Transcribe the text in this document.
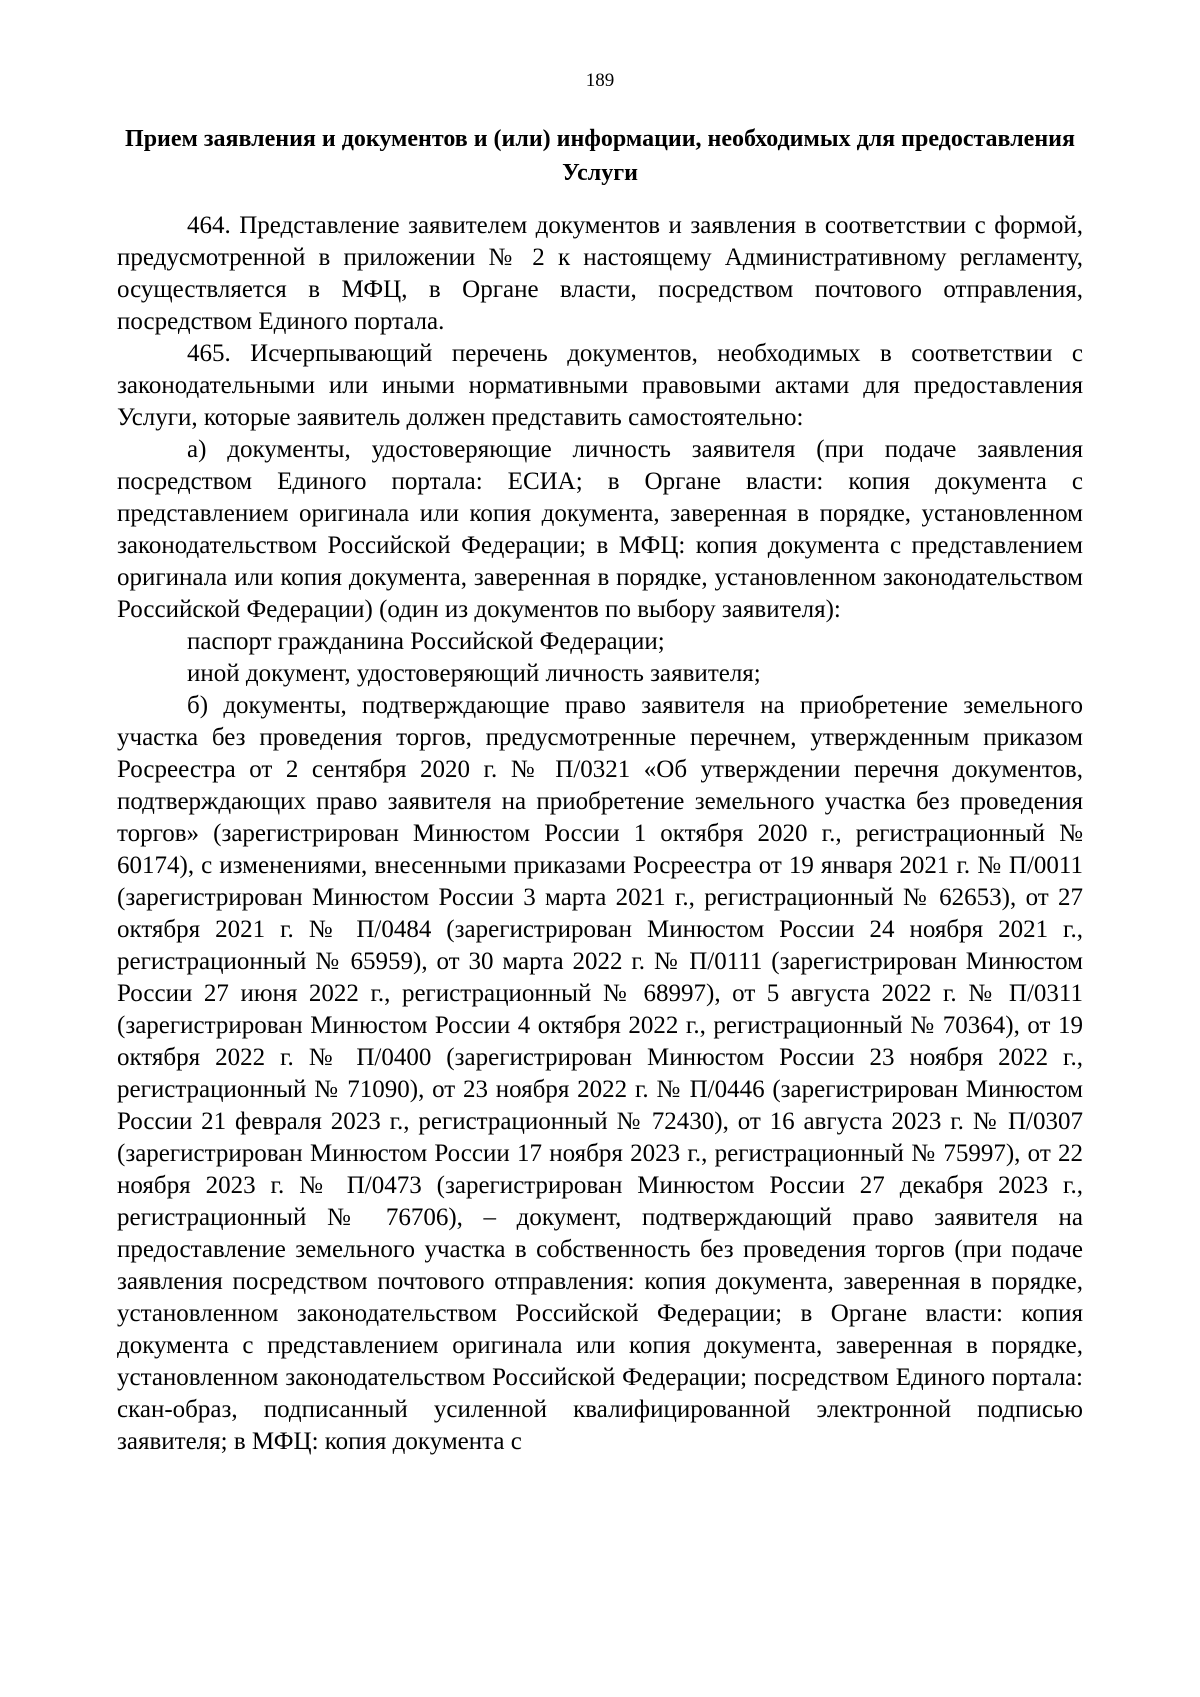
189
Прием заявления и документов и (или) информации, необходимых для предоставления Услуги

464. Представление заявителем документов и заявления в соответствии с формой, предусмотренной в приложении № 2 к настоящему Административному регламенту, осуществляется в МФЦ, в Органе власти, посредством почтового отправления, посредством Единого портала.

465. Исчерпывающий перечень документов, необходимых в соответствии с законодательными или иными нормативными правовыми актами для предоставления Услуги, которые заявитель должен представить самостоятельно:

а) документы, удостоверяющие личность заявителя (при подаче заявления посредством Единого портала: ЕСИА; в Органе власти: копия документа с представлением оригинала или копия документа, заверенная в порядке, установленном законодательством Российской Федерации; в МФЦ: копия документа с представлением оригинала или копия документа, заверенная в порядке, установленном законодательством Российской Федерации) (один из документов по выбору заявителя):

паспорт гражданина Российской Федерации;

иной документ, удостоверяющий личность заявителя;

б) документы, подтверждающие право заявителя на приобретение земельного участка без проведения торгов, предусмотренные перечнем, утвержденным приказом Росреестра от 2 сентября 2020 г. № П/0321 «Об утверждении перечня документов, подтверждающих право заявителя на приобретение земельного участка без проведения торгов» (зарегистрирован Минюстом России 1 октября 2020 г., регистрационный № 60174), с изменениями, внесенными приказами Росреестра от 19 января 2021 г. № П/0011 (зарегистрирован Минюстом России 3 марта 2021 г., регистрационный № 62653), от 27 октября 2021 г. № П/0484 (зарегистрирован Минюстом России 24 ноября 2021 г., регистрационный № 65959), от 30 марта 2022 г. № П/0111 (зарегистрирован Минюстом России 27 июня 2022 г., регистрационный № 68997), от 5 августа 2022 г. № П/0311 (зарегистрирован Минюстом России 4 октября 2022 г., регистрационный № 70364), от 19 октября 2022 г. № П/0400 (зарегистрирован Минюстом России 23 ноября 2022 г., регистрационный № 71090), от 23 ноября 2022 г. № П/0446 (зарегистрирован Минюстом России 21 февраля 2023 г., регистрационный № 72430), от 16 августа 2023 г. № П/0307 (зарегистрирован Минюстом России 17 ноября 2023 г., регистрационный № 75997), от 22 ноября 2023 г. № П/0473 (зарегистрирован Минюстом России 27 декабря 2023 г., регистрационный № 76706), – документ, подтверждающий право заявителя на предоставление земельного участка в собственность без проведения торгов (при подаче заявления посредством почтового отправления: копия документа, заверенная в порядке, установленном законодательством Российской Федерации; в Органе власти: копия документа с представлением оригинала или копия документа, заверенная в порядке, установленном законодательством Российской Федерации; посредством Единого портала: скан-образ, подписанный усиленной квалифицированной электронной подписью заявителя; в МФЦ: копия документа с
